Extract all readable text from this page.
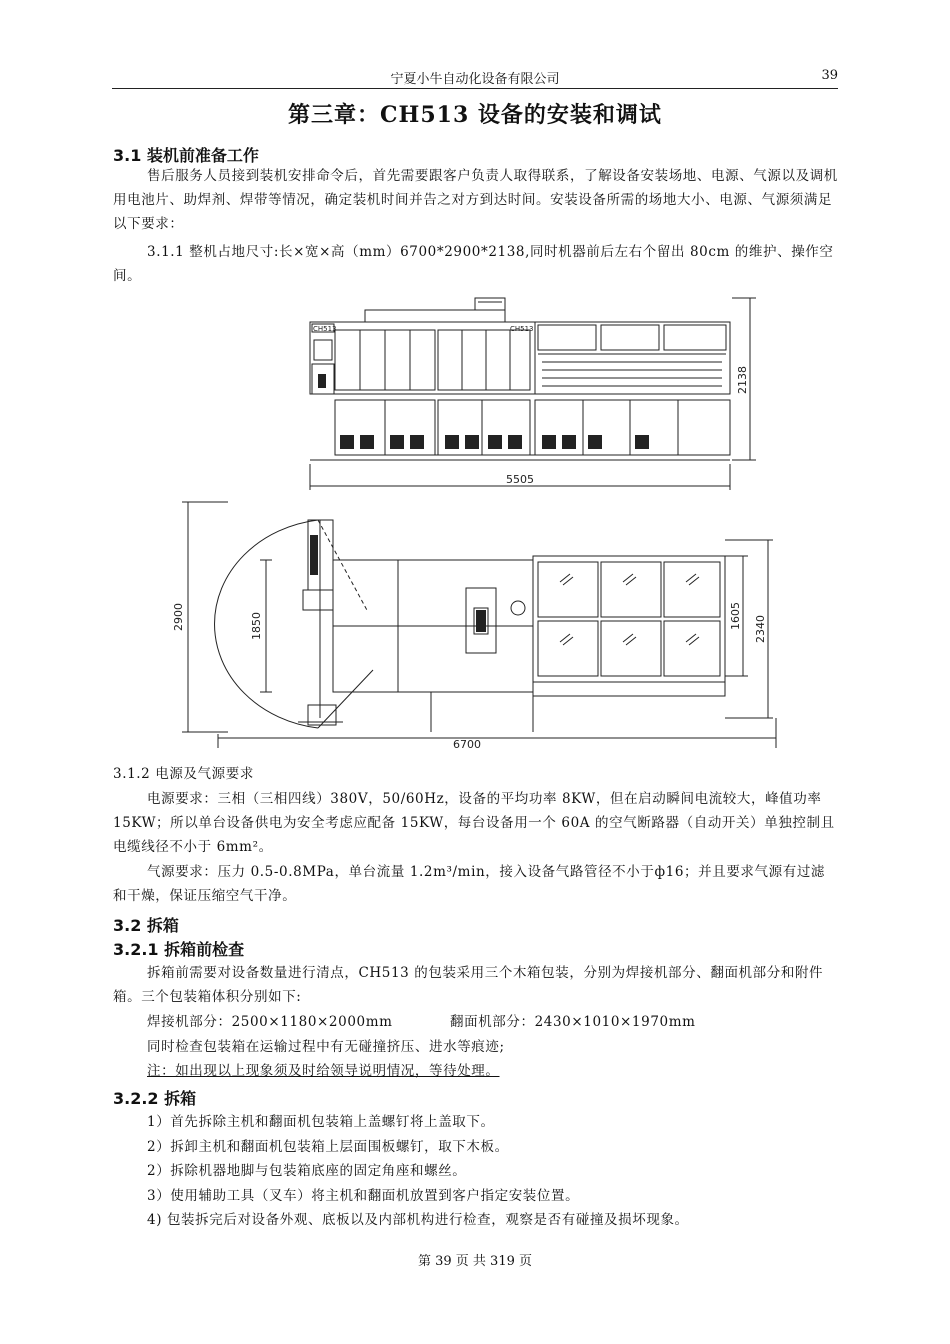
宁夏小牛自动化设备有限公司	39
第三章：CH513 设备的安装和调试
3.1 装机前准备工作
售后服务人员接到装机安排命令后，首先需要跟客户负责人取得联系，了解设备安装场地、电源、气源以及调机用电池片、助焊剂、焊带等情况，确定装机时间并告之对方到达时间。安装设备所需的场地大小、电源、气源须满足以下要求：
3.1.1 整机占地尺寸:长×宽×高（mm）6700*2900*2138,同时机器前后左右个留出 80cm 的维护、操作空间。
CH513	CH513
5505
2138
6700
2900	1850	1605 2340
3.1.2 电源及气源要求
电源要求：三相（三相四线）380V，50/60Hz，设备的平均功率 8KW，但在启动瞬间电流较大，峰值功率 15KW；所以单台设备供电为安全考虑应配备 15KW，每台设备用一个 60A 的空气断路器（自动开关）单独控制且电缆线径不小于 6mm²。
气源要求：压力 0.5-0.8MPa，单台流量 1.2m³/min，接入设备气路管径不小于ф16；并且要求气源有过滤和干燥，保证压缩空气干净。
3.2 拆箱
3.2.1 拆箱前检查
拆箱前需要对设备数量进行清点，CH513 的包装采用三个木箱包装，分别为焊接机部分、翻面机部分和附件箱。三个包装箱体积分别如下:
焊接机部分：2500×1180×2000mm	翻面机部分：2430×1010×1970mm
同时检查包装箱在运输过程中有无碰撞挤压、进水等痕迹;
注：如出现以上现象须及时给领导说明情况，等待处理。
3.2.2 拆箱
1）首先拆除主机和翻面机包装箱上盖螺钉将上盖取下。
2）拆卸主机和翻面机包装箱上层面围板螺钉，取下木板。
2）拆除机器地脚与包装箱底座的固定角座和螺丝。
3）使用辅助工具（叉车）将主机和翻面机放置到客户指定安装位置。
4) 包装拆完后对设备外观、底板以及内部机构进行检查，观察是否有碰撞及损坏现象。
第 39 页 共 319 页
